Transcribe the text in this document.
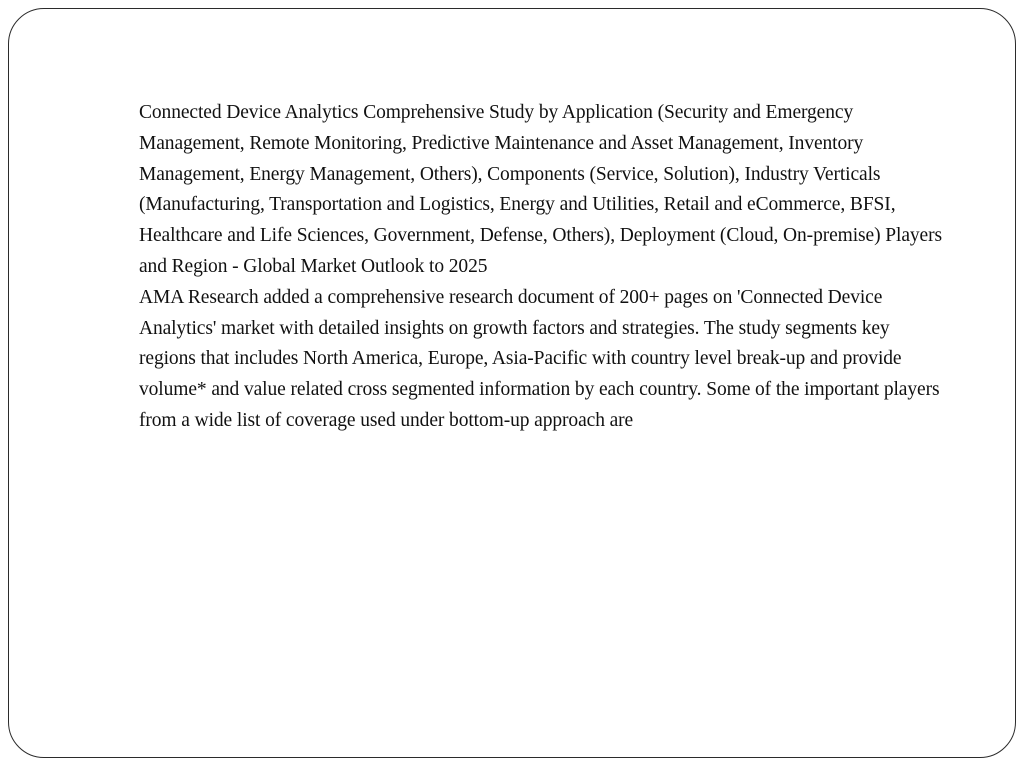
Connected Device Analytics Comprehensive Study by Application (Security and Emergency Management, Remote Monitoring, Predictive Maintenance and Asset Management, Inventory Management, Energy Management, Others), Components (Service, Solution), Industry Verticals (Manufacturing, Transportation and Logistics, Energy and Utilities, Retail and eCommerce, BFSI, Healthcare and Life Sciences, Government, Defense, Others), Deployment (Cloud, On-premise) Players and Region - Global Market Outlook to 2025

AMA Research added a comprehensive research document of 200+ pages on 'Connected Device Analytics' market with detailed insights on growth factors and strategies. The study segments key regions that includes North America, Europe, Asia-Pacific with country level break-up and provide volume* and value related cross segmented information by each country. Some of the important players from a wide list of coverage used under bottom-up approach are
